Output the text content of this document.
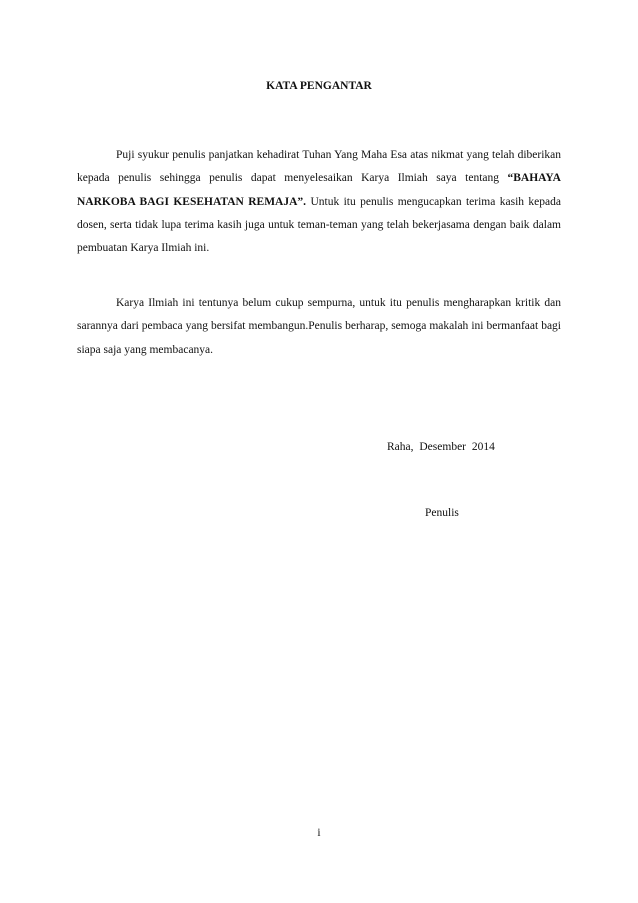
KATA PENGANTAR

Puji syukur penulis panjatkan kehadirat Tuhan Yang Maha Esa atas nikmat yang telah diberikan kepada penulis sehingga penulis dapat menyelesaikan Karya Ilmiah saya tentang “BAHAYA NARKOBA BAGI KESEHATAN REMAJA”. Untuk itu penulis mengucapkan terima kasih kepada dosen, serta tidak lupa terima kasih juga untuk teman-teman yang telah bekerjasama dengan baik dalam pembuatan Karya Ilmiah ini.

Karya Ilmiah ini tentunya belum cukup sempurna, untuk itu penulis mengharapkan kritik dan sarannya dari pembaca yang bersifat membangun.Penulis berharap, semoga makalah ini bermanfaat bagi siapa saja yang membacanya.

Raha, Desember 2014
Penulis
i
